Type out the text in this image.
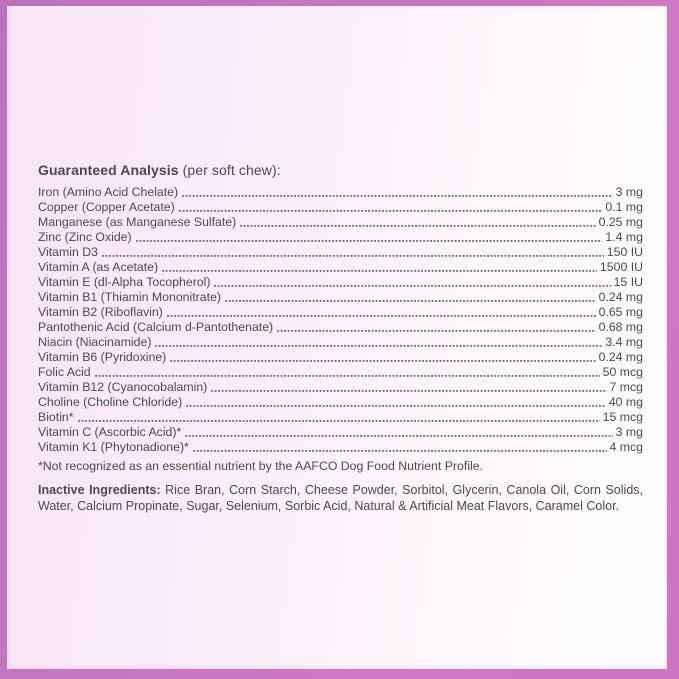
Guaranteed Analysis (per soft chew):
Iron (Amino Acid Chelate)	3 mg
Copper (Copper Acetate)	0.1 mg
Manganese (as Manganese Sulfate)	0.25 mg
Zinc (Zinc Oxide)	1.4 mg
Vitamin D3	150 IU
Vitamin A (as Acetate)	1500 IU
Vitamin E (dl-Alpha Tocopherol)	15 IU
Vitamin B1 (Thiamin Mononitrate)	0.24 mg
Vitamin B2 (Riboflavin)	0.65 mg
Pantothenic Acid (Calcium d-Pantothenate)	0.68 mg
Niacin (Niacinamide)	3.4 mg
Vitamin B6 (Pyridoxine)	0.24 mg
Folic Acid	50 mcg
Vitamin B12 (Cyanocobalamin)	7 mcg
Choline (Choline Chloride)	40 mg
Biotin*	15 mcg
Vitamin C (Ascorbic Acid)*	3 mg
Vitamin K1 (Phytonadione)*	4 mcg
*Not recognized as an essential nutrient by the AAFCO Dog Food Nutrient Profile.
Inactive Ingredients: Rice Bran, Corn Starch, Cheese Powder, Sorbitol, Glycerin, Canola Oil, Corn Solids, Water, Calcium Propinate, Sugar, Selenium, Sorbic Acid, Natural & Artificial Meat Flavors, Caramel Color.
